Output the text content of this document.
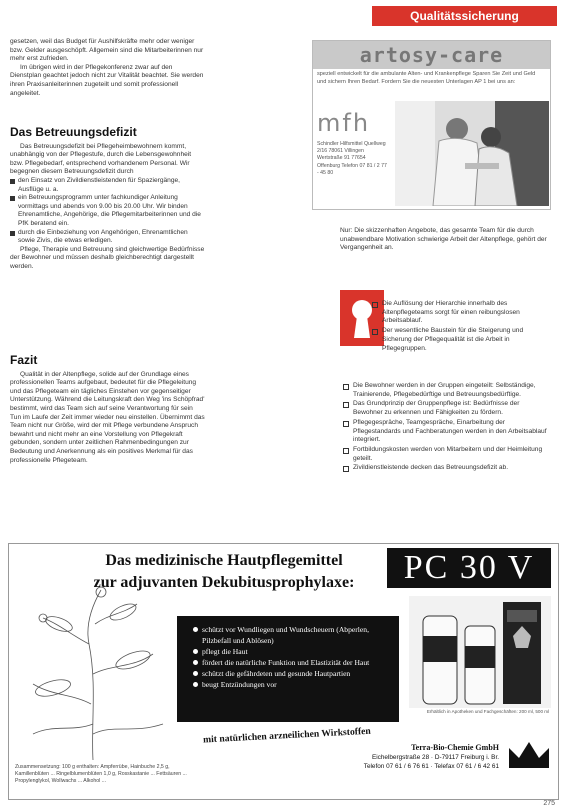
Qualitätssicherung

gesetzen, weil das Budget für Aushilfskräfte mehr oder weniger bzw. Gelder ausgeschöpft. Allgemein sind die Mitarbeiterinnen nur mehr erst zufrieden.

Im übrigen wird in der Pflegekonferenz zwar auf den Dienstplan geachtet jedoch nicht zur Vitalität beachtet. Sie werden ihren Praxisanleiterinnen zugeteilt und somit professionell angeleitet.

Das Betreuungsdefizit

Das Betreuungsdefizit bei Pflegeheimbewohnern kommt, unabhängig von der Pflegestufe, durch die Lebensgewohnheit bzw. Pflegebedarf, entsprechend vorhandenem Personal. Wir begegnen diesem Betreuungsdefizit durch

den Einsatz von Zivildienstleistenden für Spaziergänge, Ausflüge u. a.
ein Betreuungsprogramm unter fachkundiger Anleitung vormittags und abends von 9.00 bis 20.00 Uhr. Wir binden Ehrenamtliche, Angehörige, die Pflegemitarbeiterinnen und die PfK beratend ein.
durch die Einbeziehung von Angehörigen, Ehrenamtlichen sowie Zivis, die etwas erledigen.

Pflege, Therapie und Betreuung sind gleichwertige Bedürfnisse der Bewohner und müssen deshalb gleichberechtigt dargestellt werden.

Fazit

Qualität in der Altenpflege, solide auf der Grundlage eines professionellen Teams aufgebaut, bedeutet für die Pflegeleitung und das Pflegeteam ein tägliches Einstehen vor gegenseitiger Unterstützung. Während die Leitungskraft den Weg 'ins Schöpfrad' bestimmt, wird das Team sich auf seine Verantwortung für sein Tun im Laufe der Zeit immer wieder neu einstellen. Übernimmt das Team nicht nur Größe, wird der mit Pflege verbundene Anspruch bewahrt und nicht mehr an eine Vorstellung von Pflegekraft gebunden, sondern unter zeitlichen Rahmenbedingungen zur Bedeutung und Anerkennung als ein positives Merkmal für das professionelle Pflegeteam.

artosy-care
speziell entwickelt für die ambulante Alten- und Krankenpflege Sparen Sie Zeit und Geld und sichern Ihren Bedarf. Fordern Sie die neuesten Unterlagen AP 1 bei uns an:
mfh
Schindler Hilfsmittel Quellweg 2/16 78061 Villingen Wertstraße 91 77654 Offenburg Telefon 07 81 / 2 77 - 45 80

Nur: Die skizzenhaften Angebote, das gesamte Team für die durch unabwendbare Motivation schwierige Arbeit der Altenpflege, gehört der Vergangenheit an.

Die Auflösung der Hierarchie innerhalb des Altenpflegeteams sorgt für einen reibungslosen Arbeitsablauf.
Der wesentliche Baustein für die Steigerung und Sicherung der Pflegequalität ist die Arbeit in Pflegegruppen.
Die Bewohner werden in der Gruppen eingeteilt: Selbständige, Trainierende, Pflegebedürftige und Betreuungsbedürftige.
Das Grundprinzip der Gruppenpflege ist: Bedürfnisse der Bewohner zu erkennen und Fähigkeiten zu fördern.
Pflegegespräche, Teamgespräche, Einarbeitung der Pflegestandards und Fachberatungen werden in den Arbeitsablauf integriert.
Fortbildungskosten werden von Mitarbeitern und der Heimleitung geteilt.
Zivildienstleistende decken das Betreuungsdefizit ab.
Das medizinische Hautpflegemittel
zur adjuvanten Dekubitusprophylaxe:	PC 30 V
schützt vor Wundliegen und Wundscheuern (Abperlen, Pilzbefall und Ablösen)
pflegt die Haut
fördert die natürliche Funktion und Elastizität der Haut
schützt die gefährdeten und gesunde Hautpartien
beugt Entzündungen vor
Erhältlich in Apotheken und Fachgeschäften: 200 ml, 500 ml
mit natürlichen arzneilichen Wirkstoffen
Zusammensetzung: 100 g enthalten: Ampferrübe, Hainbuche 2,5 g, Kamillenblüten ... Ringelblumenblüten 1,0 g, Rosskastanie ... Fettsäuren ... Propylenglykol, Wollwachs ... Alkohol ...
Terra-Bio-Chemie GmbH
Eichelbergstraße 28 · D-79117 Freiburg i. Br.
Telefon 07 61 / 6 76 61 · Telefax 07 61 / 6 42 61
275
